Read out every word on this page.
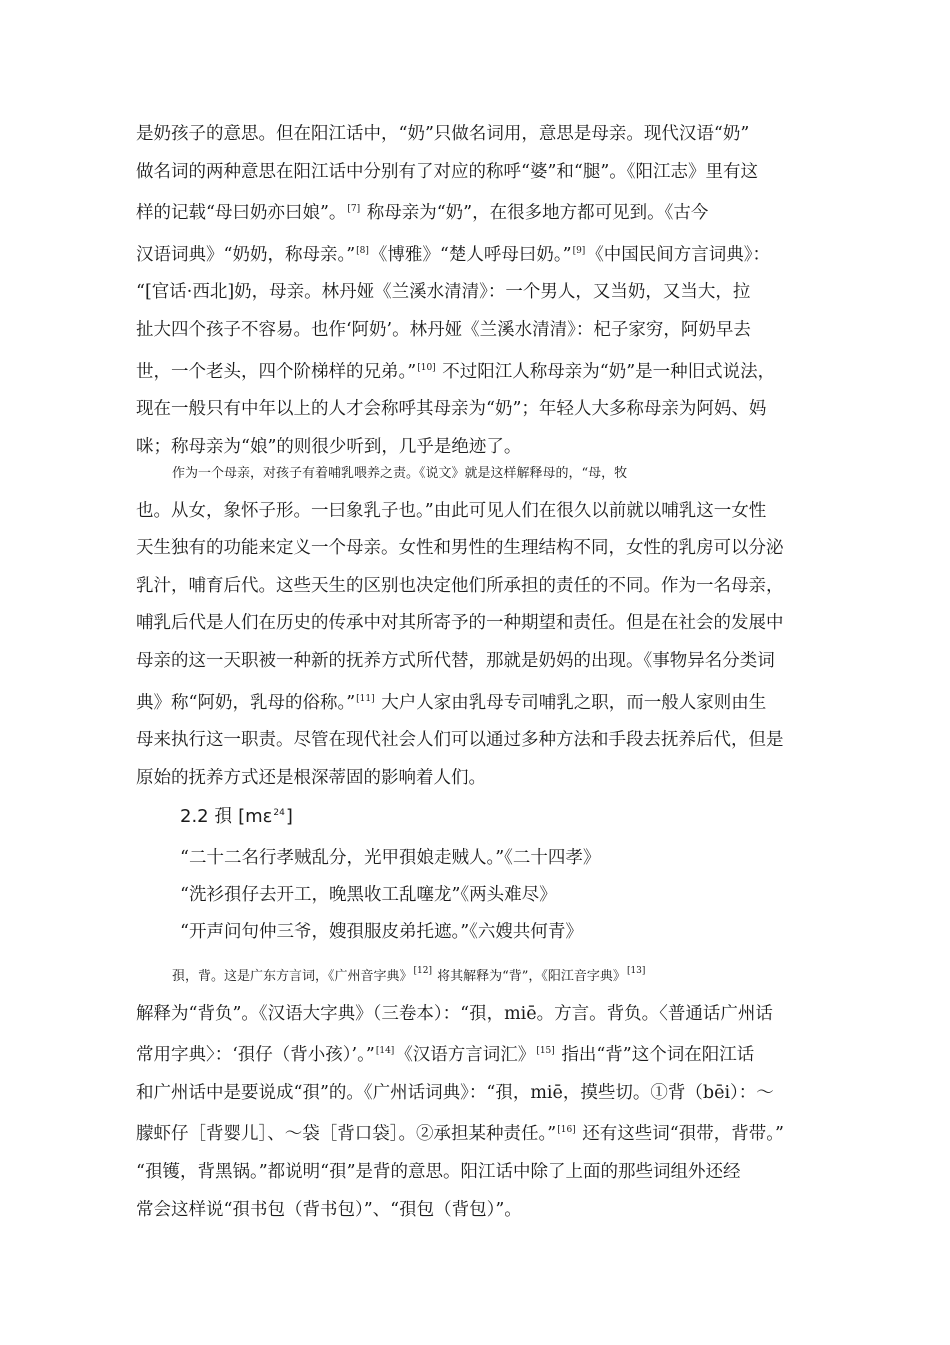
是奶孩子的意思。但在阳江话中，“奶”只做名词用，意思是母亲。现代汉语“奶”
做名词的两种意思在阳江话中分别有了对应的称呼“婆”和“腿”。《阳江志》里有这
样的记载“母曰奶亦曰娘”。[7] 称母亲为“奶”，在很多地方都可见到。《古今
汉语词典》“奶奶，称母亲。”[8]《博雅》“楚人呼母曰奶。”[9]《中国民间方言词典》：
“[官话·西北]奶，母亲。林丹娅《兰溪水清清》：一个男人，又当奶，又当大，拉
扯大四个孩子不容易。也作‘阿奶’。林丹娅《兰溪水清清》：杞子家穷，阿奶早去
世，一个老头，四个阶梯样的兄弟。”[10] 不过阳江人称母亲为“奶”是一种旧式说法，
现在一般只有中年以上的人才会称呼其母亲为“奶”；年轻人大多称母亲为阿妈、妈
咪；称母亲为“娘”的则很少听到，几乎是绝迹了。
作为一个母亲，对孩子有着哺乳喂养之责。《说文》就是这样解释母的，“母，牧
也。从女，象怀子形。一曰象乳子也。”由此可见人们在很久以前就以哺乳这一女性
天生独有的功能来定义一个母亲。女性和男性的生理结构不同，女性的乳房可以分泌
乳汁，哺育后代。这些天生的区别也决定他们所承担的责任的不同。作为一名母亲，
哺乳后代是人们在历史的传承中对其所寄予的一种期望和责任。但是在社会的发展中
母亲的这一天职被一种新的抚养方式所代替，那就是奶妈的出现。《事物异名分类词
典》称“阿奶，乳母的俗称。”[11] 大户人家由乳母专司哺乳之职，而一般人家则由生
母来执行这一职责。尽管在现代社会人们可以通过多种方法和手段去抚养后代，但是
原始的抚养方式还是根深蒂固的影响着人们。
2.2 孭 [mɛ$^{24}$]
“二十二名行孝贼乱分，光甲孭娘走贼人。”《二十四孝》
“洗衫孭仔去开工，晚黑收工乱噻龙”《两头难尽》
“开声问句仲三爷，嫂孭服皮弟托遮。”《六嫂共何青》
孭，背。这是广东方言词，《广州音字典》[12] 将其解释为“背”，《阳江音字典》[13]
解释为“背负”。《汉语大字典》（三卷本）：“孭，miē。方言。背负。〈普通话广州话
常用字典〉：‘孭仔（背小孩）’。”[14]《汉语方言词汇》[15] 指出“背”这个词在阳江话
和广州话中是要说成“孭”的。《广州话词典》：“孭，miē，摸些切。①背（bēi）：～
朦虾仔［背婴儿］、～袋［背口袋］。②承担某种责任。”[16] 还有这些词“孭带，背带。”
“孭镬，背黑锅。”都说明“孭”是背的意思。阳江话中除了上面的那些词组外还经
常会这样说“孭书包（背书包）”、“孭包（背包）”。
